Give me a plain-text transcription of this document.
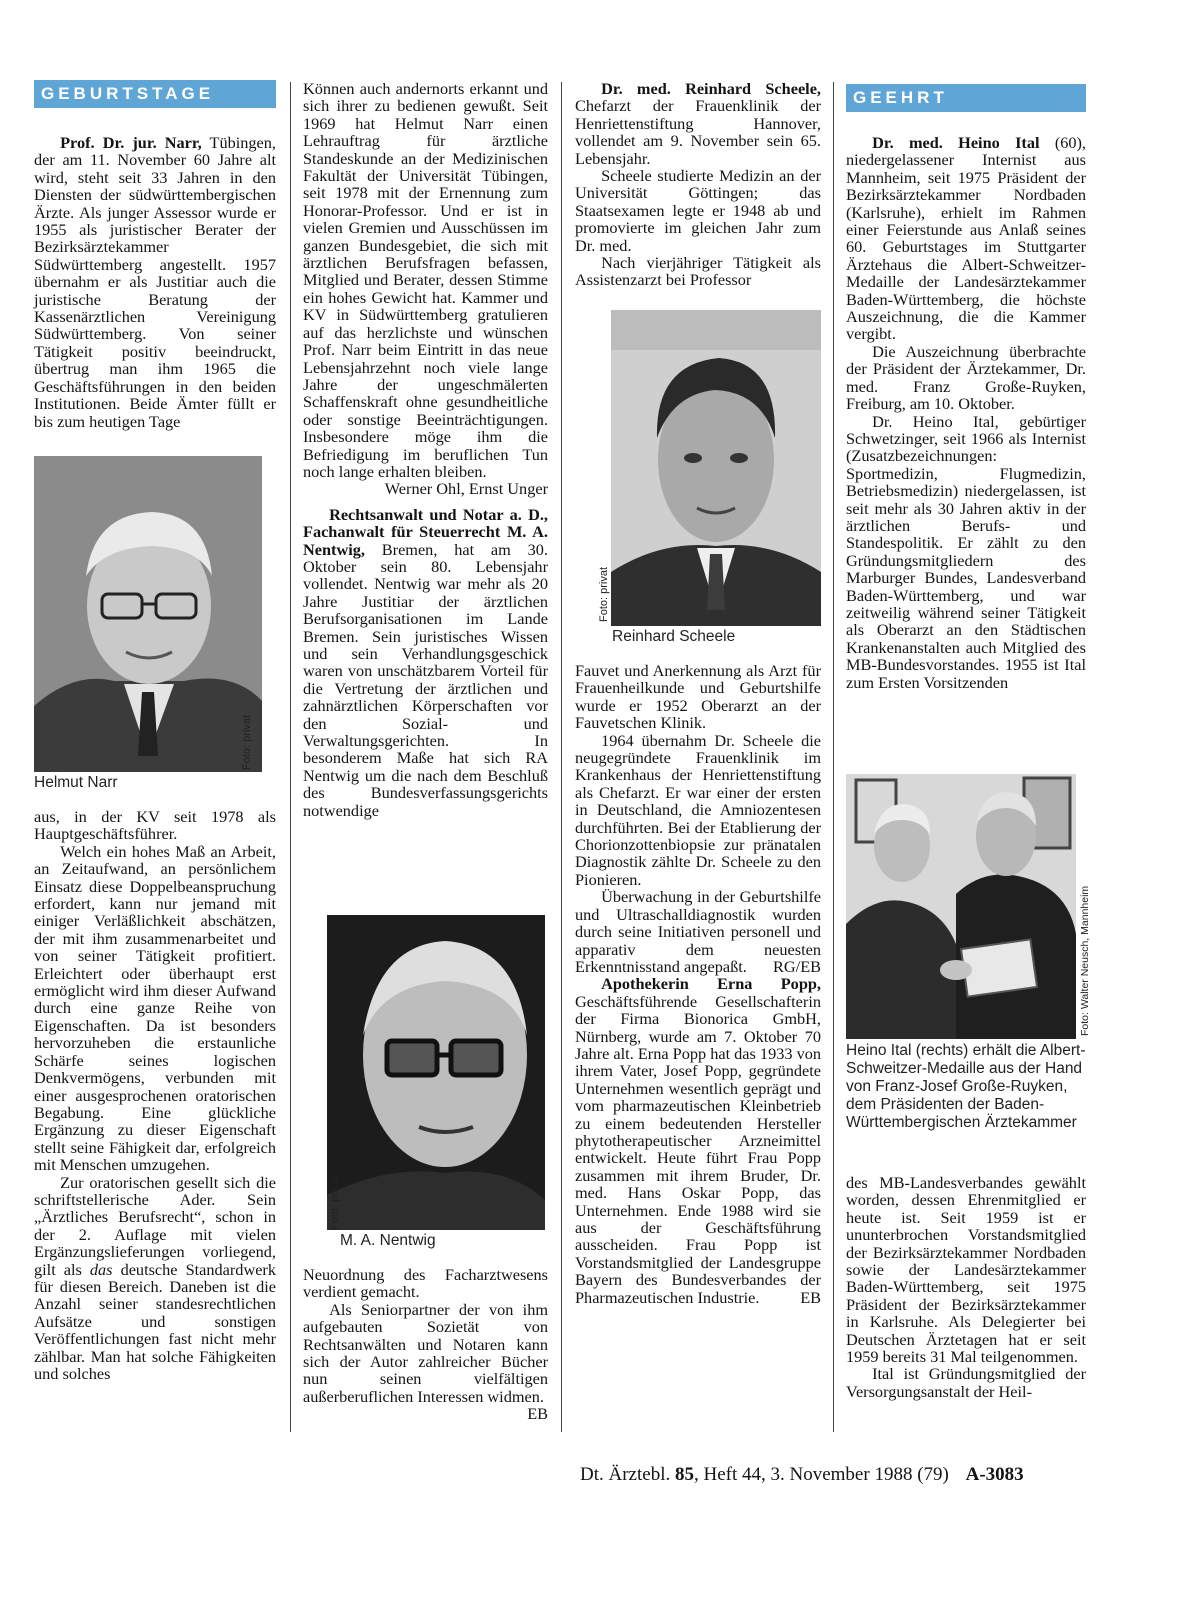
GEBURTSTAGE

Prof. Dr. jur. Narr, Tübingen, der am 11. November 60 Jahre alt wird, steht seit 33 Jahren in den Diensten der südwürttembergischen Ärzte. Als junger Assessor wurde er 1955 als juristischer Berater der Bezirksärztekammer Südwürttemberg angestellt. 1957 übernahm er als Justitiar auch die juristische Beratung der Kassenärztlichen Vereinigung Südwürttemberg. Von seiner Tätigkeit positiv beeindruckt, übertrug man ihm 1965 die Geschäftsführungen in den beiden Institutionen. Beide Ämter füllt er bis zum heutigen Tage

Foto: privat
Helmut Narr

aus, in der KV seit 1978 als Hauptgeschäftsführer.

Welch ein hohes Maß an Arbeit, an Zeitaufwand, an persönlichem Einsatz diese Doppelbeanspruchung erfordert, kann nur jemand mit einiger Verläßlichkeit abschätzen, der mit ihm zusammenarbeitet und von seiner Tätigkeit profitiert. Erleichtert oder überhaupt erst ermöglicht wird ihm dieser Aufwand durch eine ganze Reihe von Eigenschaften. Da ist besonders hervorzuheben die erstaunliche Schärfe seines logischen Denkvermögens, verbunden mit einer ausgesprochenen oratorischen Begabung. Eine glückliche Ergänzung zu dieser Eigenschaft stellt seine Fähigkeit dar, erfolgreich mit Menschen umzugehen.

Zur oratorischen gesellt sich die schriftstellerische Ader. Sein „Ärztliches Berufsrecht“, schon in der 2. Auflage mit vielen Ergänzungslieferungen vorliegend, gilt als das deutsche Standardwerk für diesen Bereich. Daneben ist die Anzahl seiner standesrechtlichen Aufsätze und sonstigen Veröffentlichungen fast nicht mehr zählbar. Man hat solche Fähigkeiten und solches

Können auch andernorts erkannt und sich ihrer zu bedienen gewußt. Seit 1969 hat Helmut Narr einen Lehrauftrag für ärztliche Standeskunde an der Medizinischen Fakultät der Universität Tübingen, seit 1978 mit der Ernennung zum Honorar-Professor. Und er ist in vielen Gremien und Ausschüssen im ganzen Bundesgebiet, die sich mit ärztlichen Berufsfragen befassen, Mitglied und Berater, dessen Stimme ein hohes Gewicht hat. Kammer und KV in Südwürttemberg gratulieren auf das herzlichste und wünschen Prof. Narr beim Eintritt in das neue Lebensjahrzehnt noch viele lange Jahre der ungeschmälerten Schaffenskraft ohne gesundheitliche oder sonstige Beeinträchtigungen. Insbesondere möge ihm die Befriedigung im beruflichen Tun noch lange erhalten bleiben.

Werner Ohl, Ernst Unger

Rechtsanwalt und Notar a. D., Fachanwalt für Steuerrecht M. A. Nentwig, Bremen, hat am 30. Oktober sein 80. Lebensjahr vollendet. Nentwig war mehr als 20 Jahre Justitiar der ärztlichen Berufsorganisationen im Lande Bremen. Sein juristisches Wissen und sein Verhandlungsgeschick waren von unschätzbarem Vorteil für die Vertretung der ärztlichen und zahnärztlichen Körperschaften vor den Sozial- und Verwaltungsgerichten. In besonderem Maße hat sich RA Nentwig um die nach dem Beschluß des Bundesverfassungsgerichts notwendige

Foto: privat
M. A. Nentwig

Neuordnung des Facharztwesens verdient gemacht.

Als Seniorpartner der von ihm aufgebauten Sozietät von Rechtsanwälten und Notaren kann sich der Autor zahlreicher Bücher nun seinen vielfältigen außerberuflichen Interessen widmen.
EB

Dr. med. Reinhard Scheele, Chefarzt der Frauenklinik der Henriettenstiftung Hannover, vollendet am 9. November sein 65. Lebensjahr.

Scheele studierte Medizin an der Universität Göttingen; das Staatsexamen legte er 1948 ab und promovierte im gleichen Jahr zum Dr. med.

Nach vierjähriger Tätigkeit als Assistenzarzt bei Professor

Foto: privat
Reinhard Scheele

Fauvet und Anerkennung als Arzt für Frauenheilkunde und Geburtshilfe wurde er 1952 Oberarzt an der Fauvetschen Klinik.

1964 übernahm Dr. Scheele die neugegründete Frauenklinik im Krankenhaus der Henriettenstiftung als Chefarzt. Er war einer der ersten in Deutschland, die Amniozentesen durchführten. Bei der Etablierung der Chorionzottenbiopsie zur pränatalen Diagnostik zählte Dr. Scheele zu den Pionieren.

Überwachung in der Geburtshilfe und Ultraschalldiagnostik wurden durch seine Initiativen personell und apparativ dem neuesten Erkenntnisstand angepaßt.	RG/EB

Apothekerin Erna Popp, Geschäftsführende Gesellschafterin der Firma Bionorica GmbH, Nürnberg, wurde am 7. Oktober 70 Jahre alt. Erna Popp hat das 1933 von ihrem Vater, Josef Popp, gegründete Unternehmen wesentlich geprägt und vom pharmazeutischen Kleinbetrieb zu einem bedeutenden Hersteller phytotherapeutischer Arzneimittel entwickelt. Heute führt Frau Popp zusammen mit ihrem Bruder, Dr. med. Hans Oskar Popp, das Unternehmen. Ende 1988 wird sie aus der Geschäftsführung ausscheiden. Frau Popp ist Vorstandsmitglied der Landesgruppe Bayern des Bundesverbandes der Pharmazeutischen Industrie.	EB

GEEHRT

Dr. med. Heino Ital (60), niedergelassener Internist aus Mannheim, seit 1975 Präsident der Bezirksärztekammer Nordbaden (Karlsruhe), erhielt im Rahmen einer Feierstunde aus Anlaß seines 60. Geburtstages im Stuttgarter Ärztehaus die Albert-Schweitzer-Medaille der Landesärztekammer Baden-Württemberg, die höchste Auszeichnung, die die Kammer vergibt.

Die Auszeichnung überbrachte der Präsident der Ärztekammer, Dr. med. Franz Große-Ruyken, Freiburg, am 10. Oktober.

Dr. Heino Ital, gebürtiger Schwetzinger, seit 1966 als Internist (Zusatzbezeichnungen: Sportmedizin, Flugmedizin, Betriebsmedizin) niedergelassen, ist seit mehr als 30 Jahren aktiv in der ärztlichen Berufs- und Standespolitik. Er zählt zu den Gründungsmitgliedern des Marburger Bundes, Landesverband Baden-Württemberg, und war zeitweilig während seiner Tätigkeit als Oberarzt an den Städtischen Krankenanstalten auch Mitglied des MB-Bundesvorstandes. 1955 ist Ital zum Ersten Vorsitzenden

Foto: Walter Neusch, Mannheim
Heino Ital (rechts) erhält die Albert-Schweitzer-Medaille aus der Hand von Franz-Josef Große-Ruyken, dem Präsidenten der Baden-Württembergischen Ärztekammer

des MB-Landesverbandes gewählt worden, dessen Ehrenmitglied er heute ist. Seit 1959 ist er ununterbrochen Vorstandsmitglied der Bezirksärztekammer Nordbaden sowie der Landesärztekammer Baden-Württemberg, seit 1975 Präsident der Bezirksärztekammer in Karlsruhe. Als Delegierter bei Deutschen Ärztetagen hat er seit 1959 bereits 31 Mal teilgenommen.

Ital ist Gründungsmitglied der Versorgungsanstalt der Heil-

Dt. Ärztebl. 85, Heft 44, 3. November 1988 (79) A-3083
